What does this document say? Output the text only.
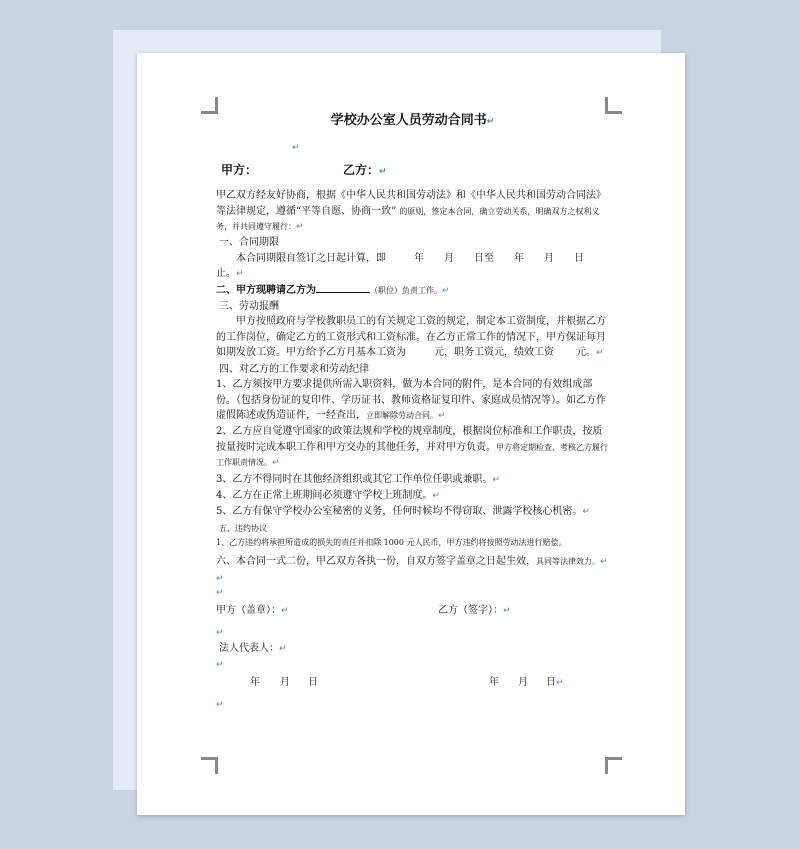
学校办公室人员劳动合同书↵
↵
甲方：	乙方：↵

甲乙双方经友好协商，根据《中华人民共和国劳动法》和《中华人民共和国劳动合同法》等法律规定，遵循“平等自愿、协商一致” 的原则，签定本合同，确立劳动关系，明确双方之权利义务，并共同遵守履行：↵

一、合同期限

本合同期限自签订之日起计算，即	年 月 日至 年 月 日

止。↵

二、甲方现聘请乙方为	（职位）负责工作。↵

三、劳动报酬

甲方按照政府与学校教职员工的有关规定工资的规定，制定本工资制度，并根据乙方的工作岗位，确定乙方的工资形式和工资标准。在乙方正常工作的情况下，甲方保证每月如期发放工资。甲方给予乙方月基本工资为	元，职务工资元，绩效工资 元。↵

四、对乙方的工作要求和劳动纪律

1、乙方须按甲方要求提供所需入职资料，做为本合同的附件，是本合同的有效组成部份。（包括身份证的复印件、学历证书、教师资格证复印件、家庭成员情况等）。如乙方作虚假陈述或伪造证件，一经查出，立即解除劳动合同。↵

2、乙方应自觉遵守国家的政策法规和学校的规章制度，根据岗位标准和工作职责，按质按量按时完成本职工作和甲方交办的其他任务，并对甲方负责。甲方将定期检查、考核乙方履行工作职责情况。↵

3、乙方不得同时在其他经济组织或其它工作单位任职或兼职。↵

4、乙方在正常上班期间必须遵守学校上班制度。↵

5、乙方有保守学校办公室秘密的义务，任何时候均不得窃取、泄露学校核心机密。↵

五、违约协议

1、乙方违约将承担所造成的损失的责任并扣除 1000 元人民币，甲方违约将按照劳动法进行赔偿。

六、本合同一式二份，甲乙双方各执一份，自双方签字盖章之日起生效，具同等法律效力。↵

↵
↵
甲方（盖章）：↵	乙方（签字）：↵
↵

法人代表人：↵

↵
年 月 日	年 月 日↵
↵
